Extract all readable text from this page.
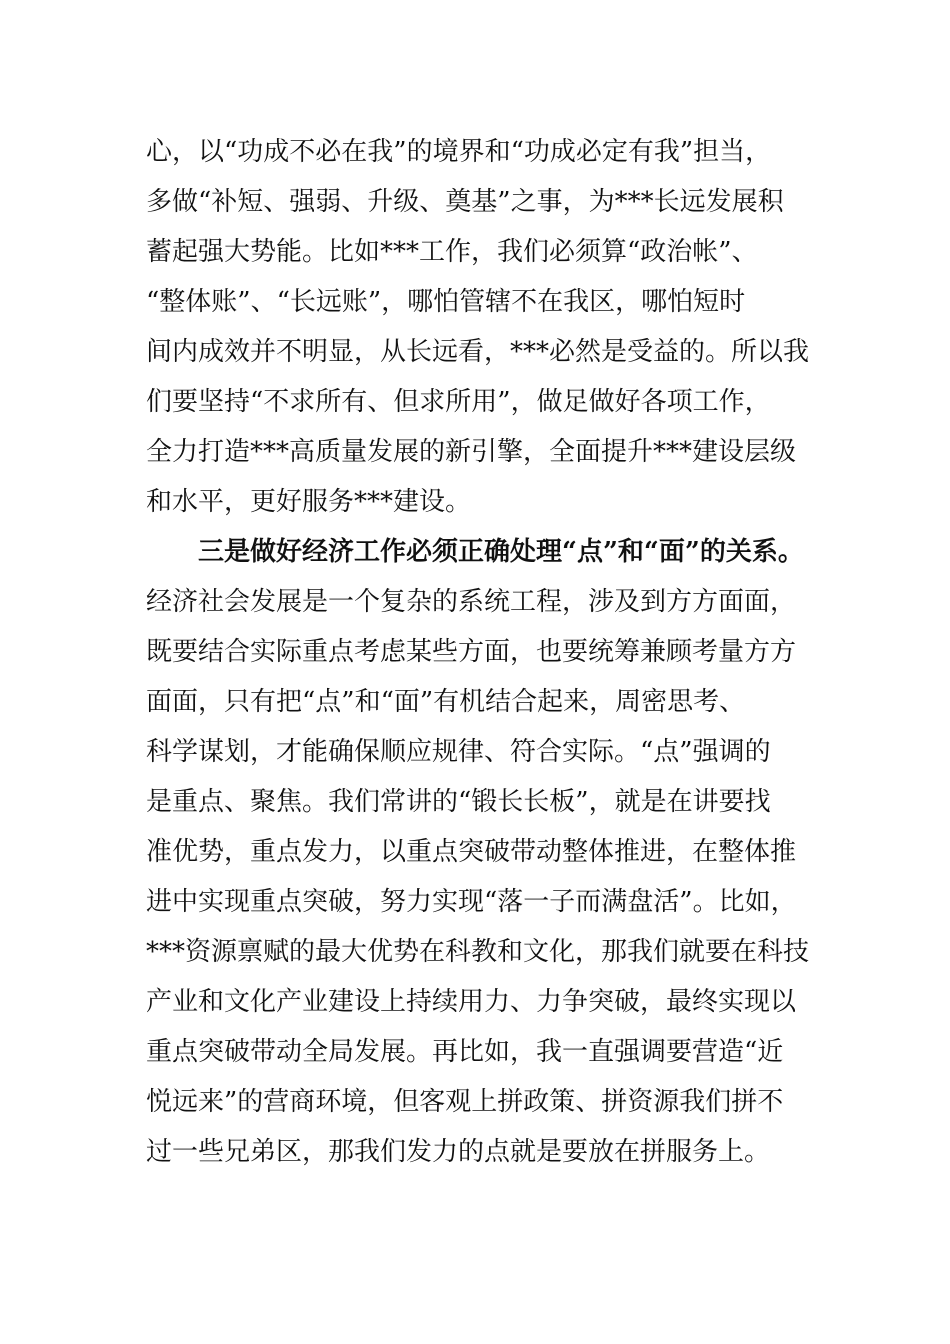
心，以“功成不必在我”的境界和“功成必定有我”担当，
多做“补短、强弱、升级、奠基”之事，为***长远发展积
蓄起强大势能。比如***工作，我们必须算“政治帐”、
“整体账”、“长远账”，哪怕管辖不在我区，哪怕短时
间内成效并不明显，从长远看，***必然是受益的。所以我
们要坚持“不求所有、但求所用”，做足做好各项工作，
全力打造***高质量发展的新引擎，全面提升***建设层级
和水平，更好服务***建设。
三是做好经济工作必须正确处理“点”和“面”的关系。
经济社会发展是一个复杂的系统工程，涉及到方方面面，
既要结合实际重点考虑某些方面，也要统筹兼顾考量方方
面面，只有把“点”和“面”有机结合起来，周密思考、
科学谋划，才能确保顺应规律、符合实际。“点”强调的
是重点、聚焦。我们常讲的“锻长长板”，就是在讲要找
准优势，重点发力，以重点突破带动整体推进，在整体推
进中实现重点突破，努力实现“落一子而满盘活”。比如，
***资源禀赋的最大优势在科教和文化，那我们就要在科技
产业和文化产业建设上持续用力、力争突破，最终实现以
重点突破带动全局发展。再比如，我一直强调要营造“近
悦远来”的营商环境，但客观上拼政策、拼资源我们拼不
过一些兄弟区，那我们发力的点就是要放在拼服务上。
